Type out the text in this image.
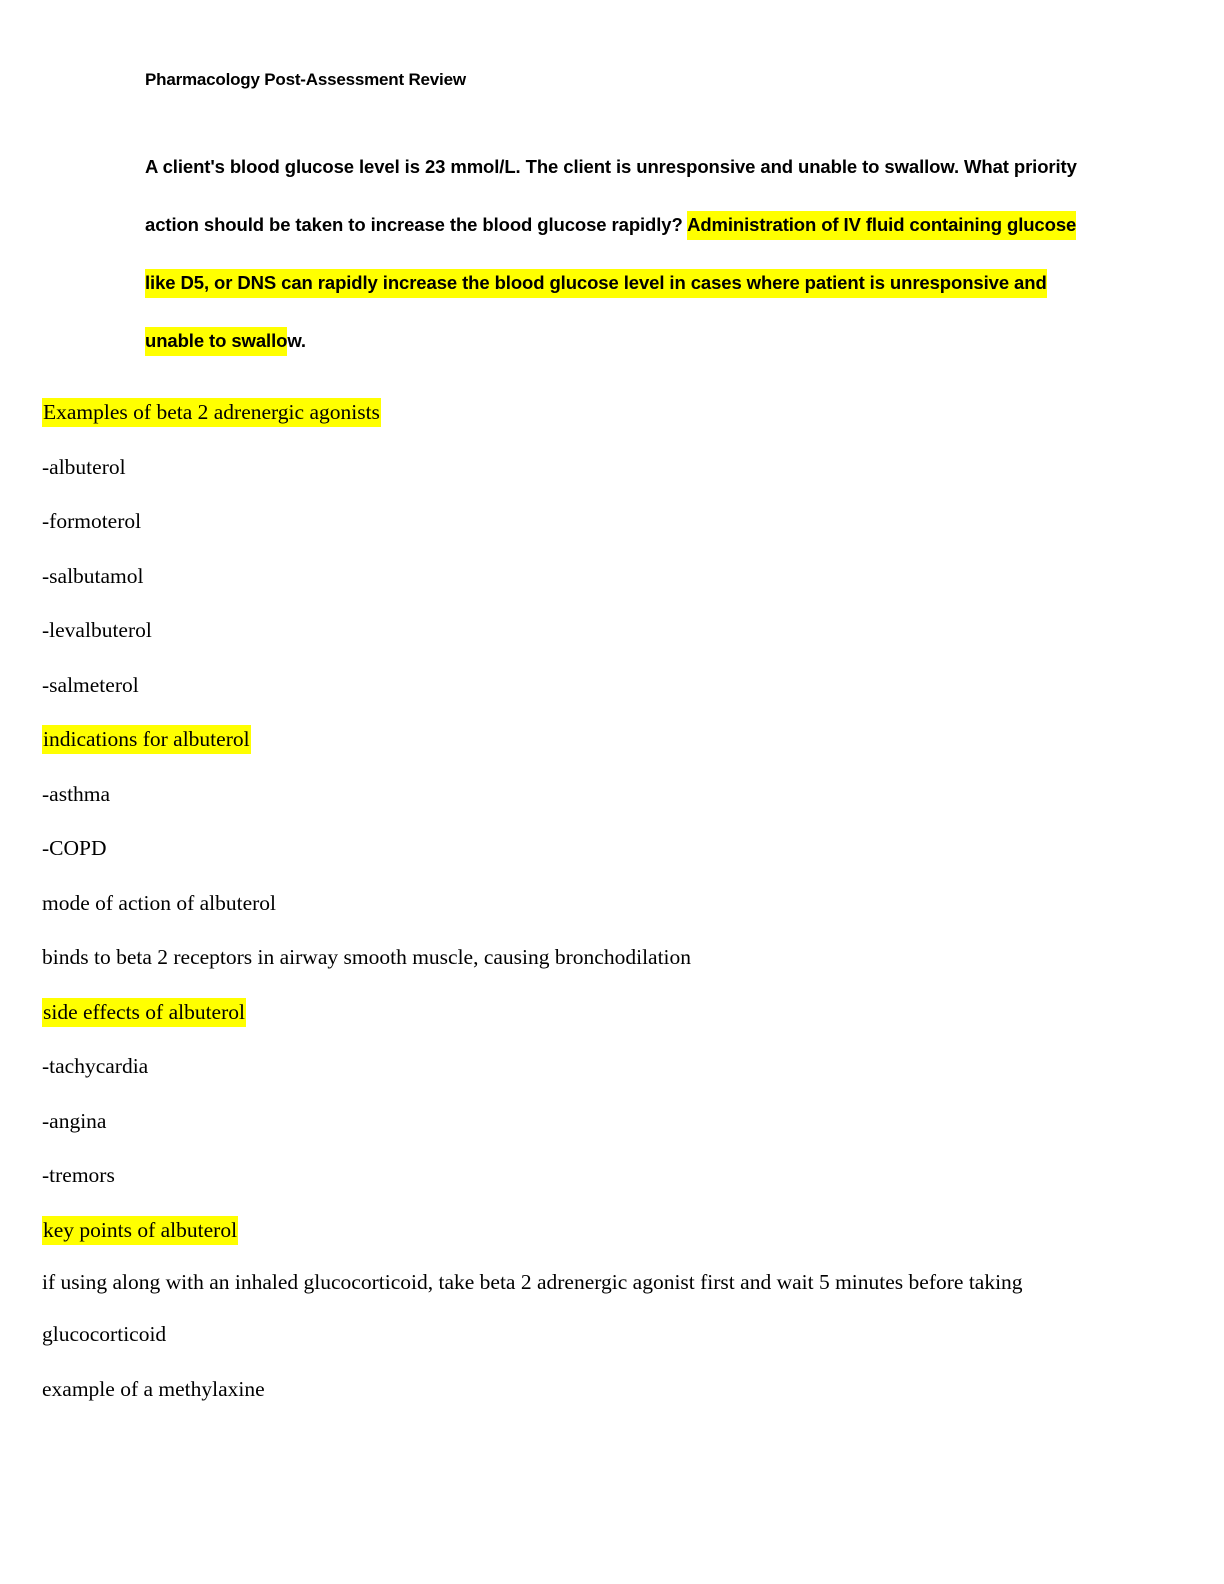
Pharmacology Post-Assessment Review
A client's blood glucose level is 23 mmol/L. The client is unresponsive and unable to swallow. What priority action should be taken to increase the blood glucose rapidly? Administration of IV fluid containing glucose like D5, or DNS can rapidly increase the blood glucose level in cases where patient is unresponsive and unable to swallow.
Examples of beta 2 adrenergic agonists
-albuterol
-formoterol
-salbutamol
-levalbuterol
-salmeterol
indications for albuterol
-asthma
-COPD
mode of action of albuterol
binds to beta 2 receptors in airway smooth muscle, causing bronchodilation
side effects of albuterol
-tachycardia
-angina
-tremors
key points of albuterol
if using along with an inhaled glucocorticoid, take beta 2 adrenergic agonist first and wait 5 minutes before taking
glucocorticoid
example of a methylaxine
